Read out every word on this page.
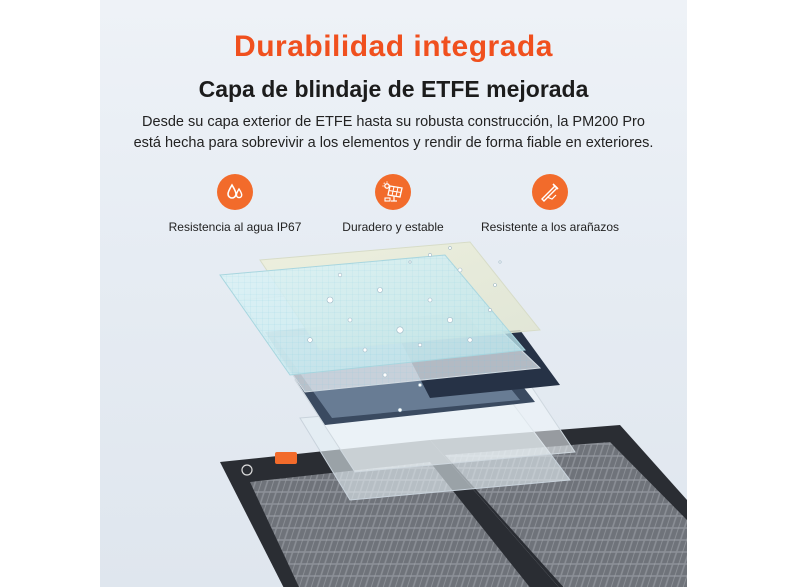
Durabilidad integrada
Capa de blindaje de ETFE mejorada
Desde su capa exterior de ETFE hasta su robusta construcción, la PM200 Pro
está hecha para sobrevivir a los elementos y rendir de forma fiable en exteriores.
Resistencia al agua IP67	Duradero y estable	Resistente a los arañazos
